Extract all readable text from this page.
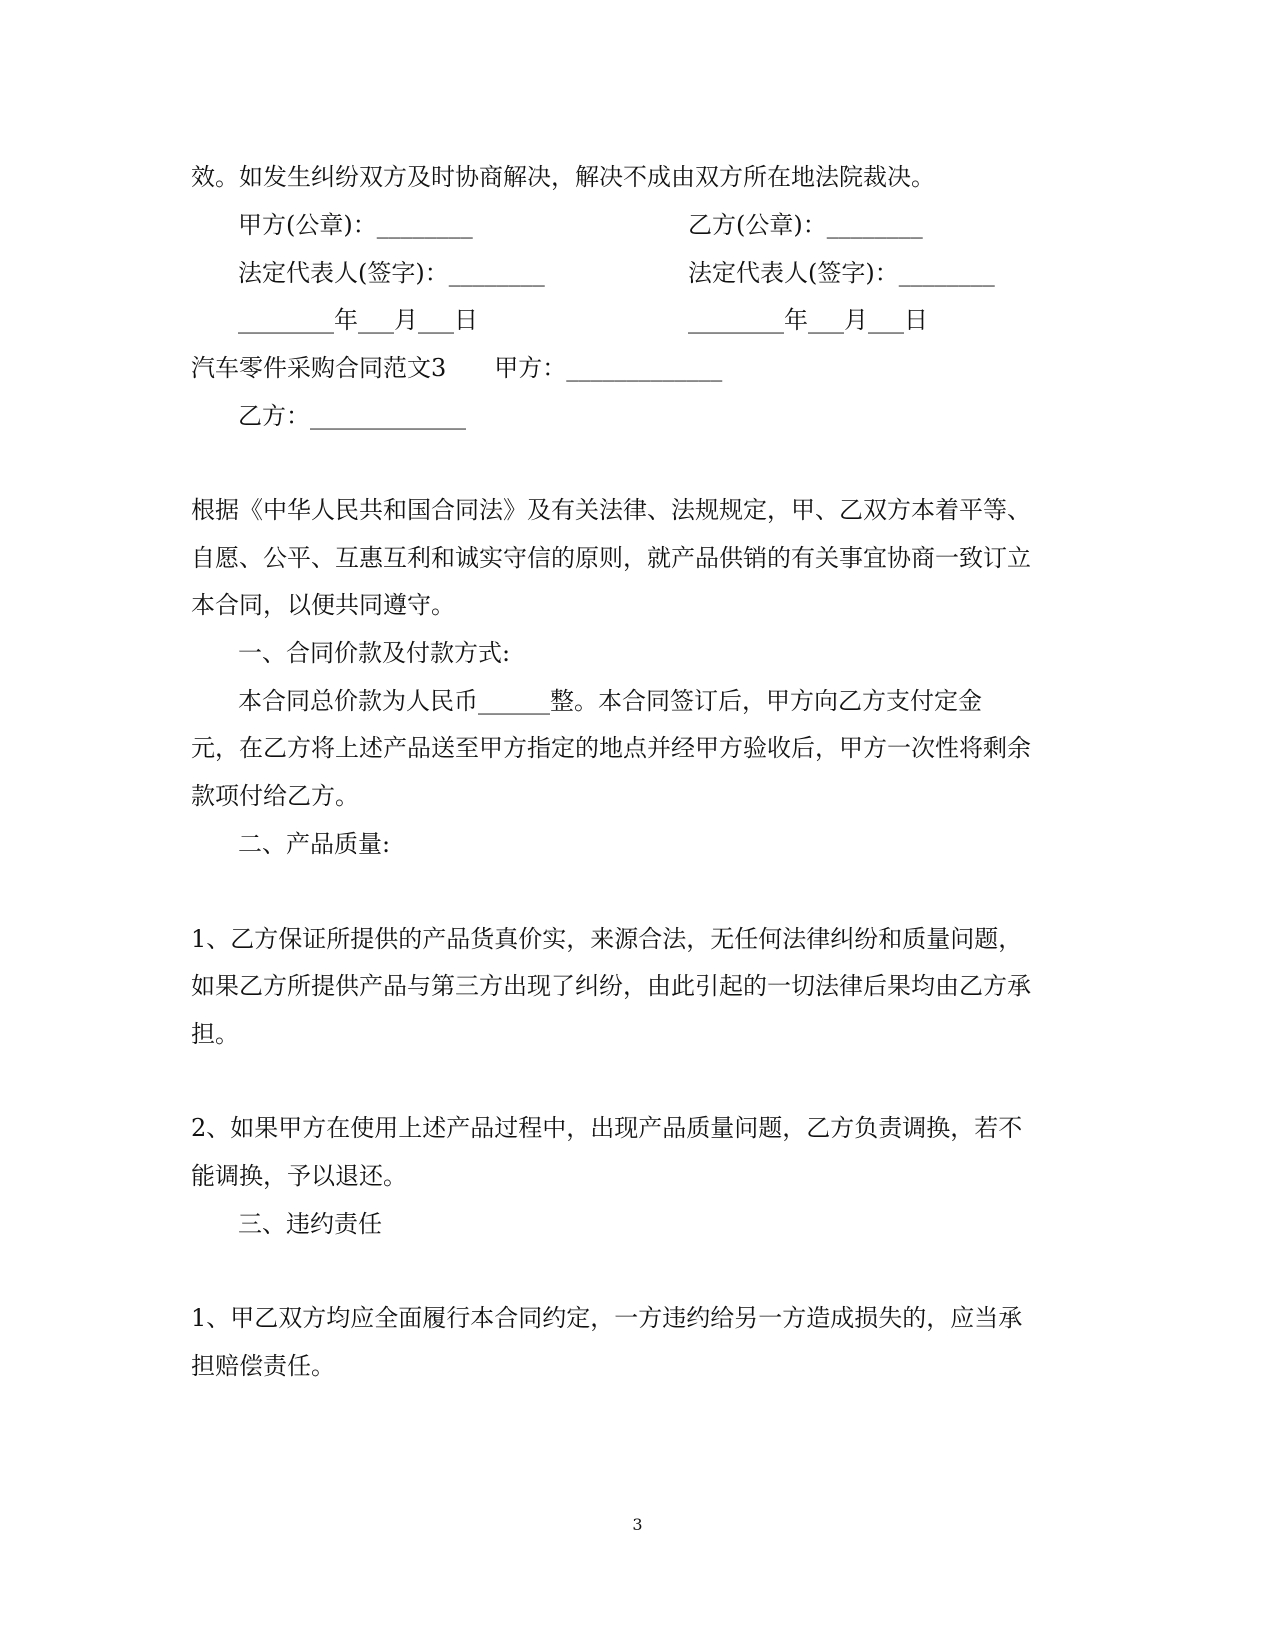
效。如发生纠纷双方及时协商解决，解决不成由双方所在地法院裁决。
甲方(公章)：________	乙方(公章)：________
法定代表人(签字)：________	法定代表人(签字)：________
________年___月___日	________年___月___日
汽车零件采购合同范文3　　甲方：_____________
乙方：_____________
根据《中华人民共和国合同法》及有关法律、法规规定，甲、乙双方本着平等、
自愿、公平、互惠互利和诚实守信的原则，就产品供销的有关事宜协商一致订立
本合同，以便共同遵守。
一、合同价款及付款方式:
本合同总价款为人民币______整。本合同签订后，甲方向乙方支付定金
元，在乙方将上述产品送至甲方指定的地点并经甲方验收后，甲方一次性将剩余
款项付给乙方。
二、产品质量:
1、乙方保证所提供的产品货真价实，来源合法，无任何法律纠纷和质量问题，
如果乙方所提供产品与第三方出现了纠纷，由此引起的一切法律后果均由乙方承
担。
2、如果甲方在使用上述产品过程中，出现产品质量问题，乙方负责调换，若不
能调换，予以退还。
三、违约责任
1、甲乙双方均应全面履行本合同约定，一方违约给另一方造成损失的，应当承
担赔偿责任。
3
